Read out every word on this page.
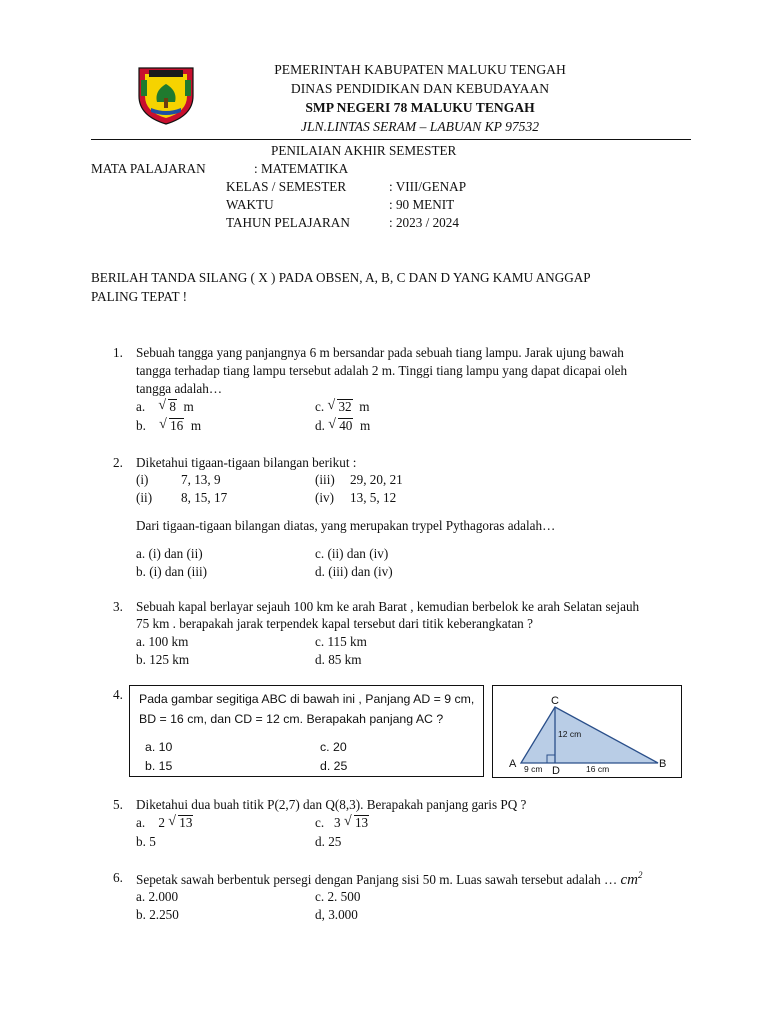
PEMERINTAH KABUPATEN MALUKU TENGAH
DINAS PENDIDIKAN DAN KEBUDAYAAN
SMP NEGERI 78 MALUKU TENGAH
JLN.LINTAS SERAM – LABUAN KP 97532
PENILAIAN AKHIR SEMESTER
MATA PALAJARAN	: MATEMATIKA
KELAS / SEMESTER	: VIII/GENAP
WAKTU	: 90 MENIT
TAHUN PELAJARAN	: 2023 / 2024
BERILAH TANDA SILANG ( X ) PADA OBSEN, A, B, C DAN D YANG KAMU ANGGAP
PALING TEPAT !
1. Sebuah tangga yang panjangnya 6 m bersandar pada sebuah tiang lampu. Jarak ujung bawah
tangga terhadap tiang lampu tersebut adalah 2 m. Tinggi tiang lampu yang dapat dicapai oleh
tangga adalah…
a. √ 8 m
b. √ 16 m
c. √ 32 m
d. √ 40 m
2. Diketahui tigaan-tigaan bilangan berikut :
(i) 7, 13, 9
(ii) 8, 15, 17
(iii) 29, 20, 21
(iv) 13, 5, 12
Dari tigaan-tigaan bilangan diatas, yang merupakan trypel Pythagoras adalah…
a. (i) dan (ii)
b. (i) dan (iii)
c. (ii) dan (iv)
d. (iii) dan (iv)
3. Sebuah kapal berlayar sejauh 100 km ke arah Barat , kemudian berbelok ke arah Selatan sejauh
75 km . berapakah jarak terpendek kapal tersebut dari titik keberangkatan ?
a. 100 km
b. 125 km
c. 115 km
d. 85 km
4. Pada gambar segitiga ABC di bawah ini , Panjang AD = 9 cm,
BD = 16 cm, dan CD = 12 cm. Berapakah panjang AC ?
a. 10
b. 15
c. 20
d. 25
C
A	B
D
12 cm
9 cm	16 cm
5. Diketahui dua buah titik P(2,7) dan Q(8,3). Berapakah panjang garis PQ ?
a. 2 √ 13
b. 5
c. 3 √ 13
d. 25
6. Sepetak sawah berbentuk persegi dengan Panjang sisi 50 m. Luas sawah tersebut adalah … $cm^2$
a. 2.000
b. 2.250
c. 2. 500
d, 3.000
